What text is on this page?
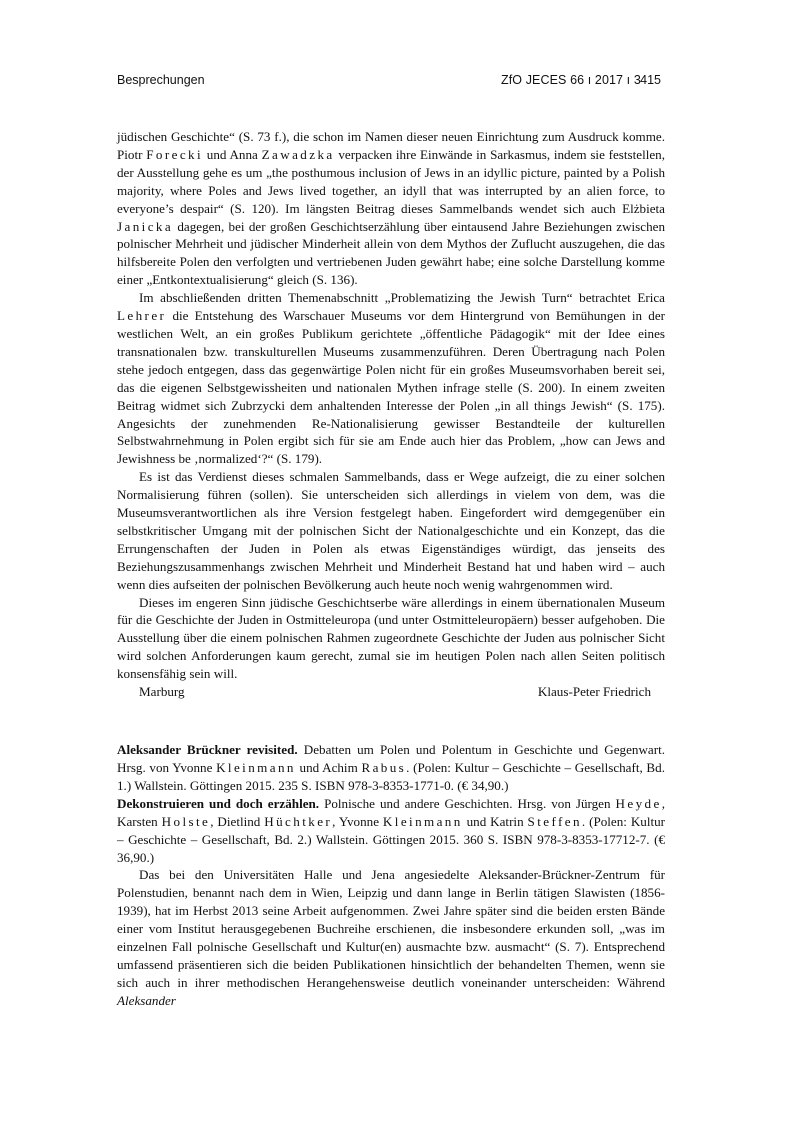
Besprechungen	ZfO JECES 66 ı 2017 ı 3 415

jüdischen Geschichte“ (S. 73 f.), die schon im Namen dieser neuen Einrichtung zum Ausdruck komme. Piotr Forecki und Anna Zawadzka verpacken ihre Einwände in Sarkasmus, indem sie feststellen, der Ausstellung gehe es um „the posthumous inclusion of Jews in an idyllic picture, painted by a Polish majority, where Poles and Jews lived together, an idyll that was interrupted by an alien force, to everyone’s despair“ (S. 120). Im längsten Beitrag dieses Sammelbands wendet sich auch Elżbieta Janicka dagegen, bei der großen Geschichtserzählung über eintausend Jahre Beziehungen zwischen polnischer Mehrheit und jüdischer Minderheit allein von dem Mythos der Zuflucht auszugehen, die das hilfsbereite Polen den verfolgten und vertriebenen Juden gewährt habe; eine solche Darstellung komme einer „Entkontextualisierung“ gleich (S. 136).

Im abschließenden dritten Themenabschnitt „Problematizing the Jewish Turn“ betrachtet Erica Lehrer die Entstehung des Warschauer Museums vor dem Hintergrund von Bemühungen in der westlichen Welt, an ein großes Publikum gerichtete „öffentliche Pädagogik“ mit der Idee eines transnationalen bzw. transkulturellen Museums zusammenzuführen. Deren Übertragung nach Polen stehe jedoch entgegen, dass das gegenwärtige Polen nicht für ein großes Museumsvorhaben bereit sei, das die eigenen Selbstgewissheiten und nationalen Mythen infrage stelle (S. 200). In einem zweiten Beitrag widmet sich Zubrzycki dem anhaltenden Interesse der Polen „in all things Jewish“ (S. 175). Angesichts der zunehmenden Re-Nationalisierung gewisser Bestandteile der kulturellen Selbstwahrnehmung in Polen ergibt sich für sie am Ende auch hier das Problem, „how can Jews and Jewishness be ‚normalized‘?“ (S. 179).

Es ist das Verdienst dieses schmalen Sammelbands, dass er Wege aufzeigt, die zu einer solchen Normalisierung führen (sollen). Sie unterscheiden sich allerdings in vielem von dem, was die Museumsverantwortlichen als ihre Version festgelegt haben. Eingefordert wird demgegenüber ein selbstkritischer Umgang mit der polnischen Sicht der Nationalgeschichte und ein Konzept, das die Errungenschaften der Juden in Polen als etwas Eigenständiges würdigt, das jenseits des Beziehungszusammenhangs zwischen Mehrheit und Minderheit Bestand hat und haben wird – auch wenn dies aufseiten der polnischen Bevölkerung auch heute noch wenig wahrgenommen wird.

Dieses im engeren Sinn jüdische Geschichtserbe wäre allerdings in einem übernationalen Museum für die Geschichte der Juden in Ostmitteleuropa (und unter Ostmitteleuropäern) besser aufgehoben. Die Ausstellung über die einem polnischen Rahmen zugeordnete Geschichte der Juden aus polnischer Sicht wird solchen Anforderungen kaum gerecht, zumal sie im heutigen Polen nach allen Seiten politisch konsensfähig sein will.

Marburg	Klaus-Peter Friedrich

Aleksander Brückner revisited. Debatten um Polen und Polentum in Geschichte und Gegenwart. Hrsg. von Yvonne Kleinmann und Achim Rabus. (Polen: Kultur – Geschichte – Gesellschaft, Bd. 1.) Wallstein. Göttingen 2015. 235 S. ISBN 978-3-8353-1771-0. (€ 34,90.)

Dekonstruieren und doch erzählen. Polnische und andere Geschichten. Hrsg. von Jürgen Heyde, Karsten Holste, Dietlind Hüchtker, Yvonne Kleinmann und Katrin Steffen. (Polen: Kultur – Geschichte – Gesellschaft, Bd. 2.) Wallstein. Göttingen 2015. 360 S. ISBN 978-3-8353-17712-7. (€ 36,90.)

Das bei den Universitäten Halle und Jena angesiedelte Aleksander-Brückner-Zentrum für Polenstudien, benannt nach dem in Wien, Leipzig und dann lange in Berlin tätigen Slawisten (1856-1939), hat im Herbst 2013 seine Arbeit aufgenommen. Zwei Jahre später sind die beiden ersten Bände einer vom Institut herausgegebenen Buchreihe erschienen, die insbesondere erkunden soll, „was im einzelnen Fall polnische Gesellschaft und Kultur(en) ausmachte bzw. ausmacht“ (S. 7). Entsprechend umfassend präsentieren sich die beiden Publikationen hinsichtlich der behandelten Themen, wenn sie sich auch in ihrer methodischen Herangehensweise deutlich voneinander unterscheiden: Während Aleksander
